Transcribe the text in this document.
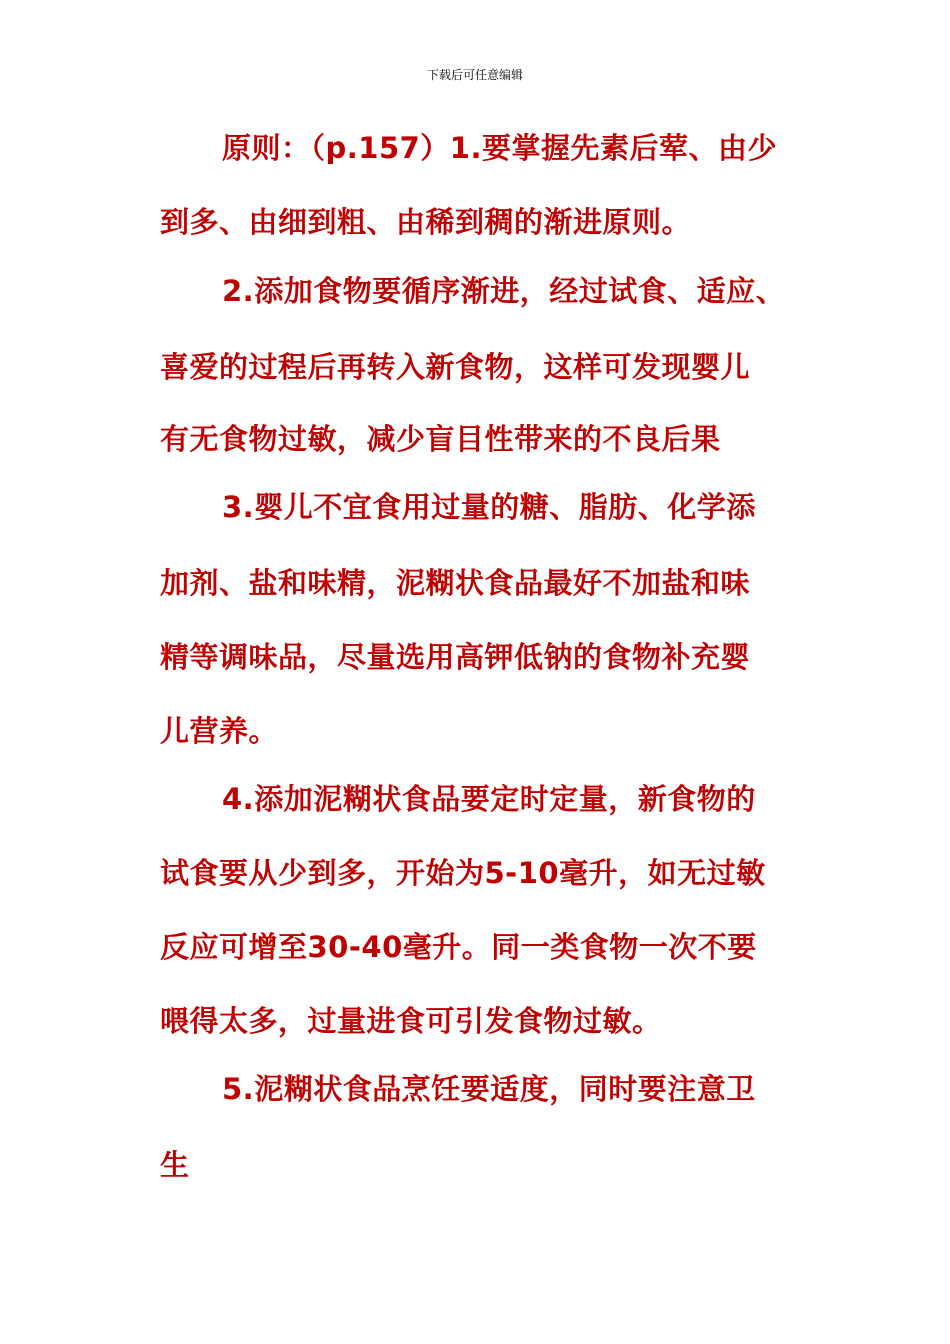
下载后可任意编辑
原则：（p.157）1.要掌握先素后荤、由少
到多、由细到粗、由稀到稠的渐进原则。
2.添加食物要循序渐进，经过试食、适应、
喜爱的过程后再转入新食物，这样可发现婴儿
有无食物过敏，减少盲目性带来的不良后果
3.婴儿不宜食用过量的糖、脂肪、化学添
加剂、盐和味精，泥糊状食品最好不加盐和味
精等调味品，尽量选用高钾低钠的食物补充婴
儿营养。
4.添加泥糊状食品要定时定量，新食物的
试食要从少到多，开始为5-10毫升，如无过敏
反应可增至30-40毫升。同一类食物一次不要
喂得太多，过量进食可引发食物过敏。
5.泥糊状食品烹饪要适度，同时要注意卫
生
